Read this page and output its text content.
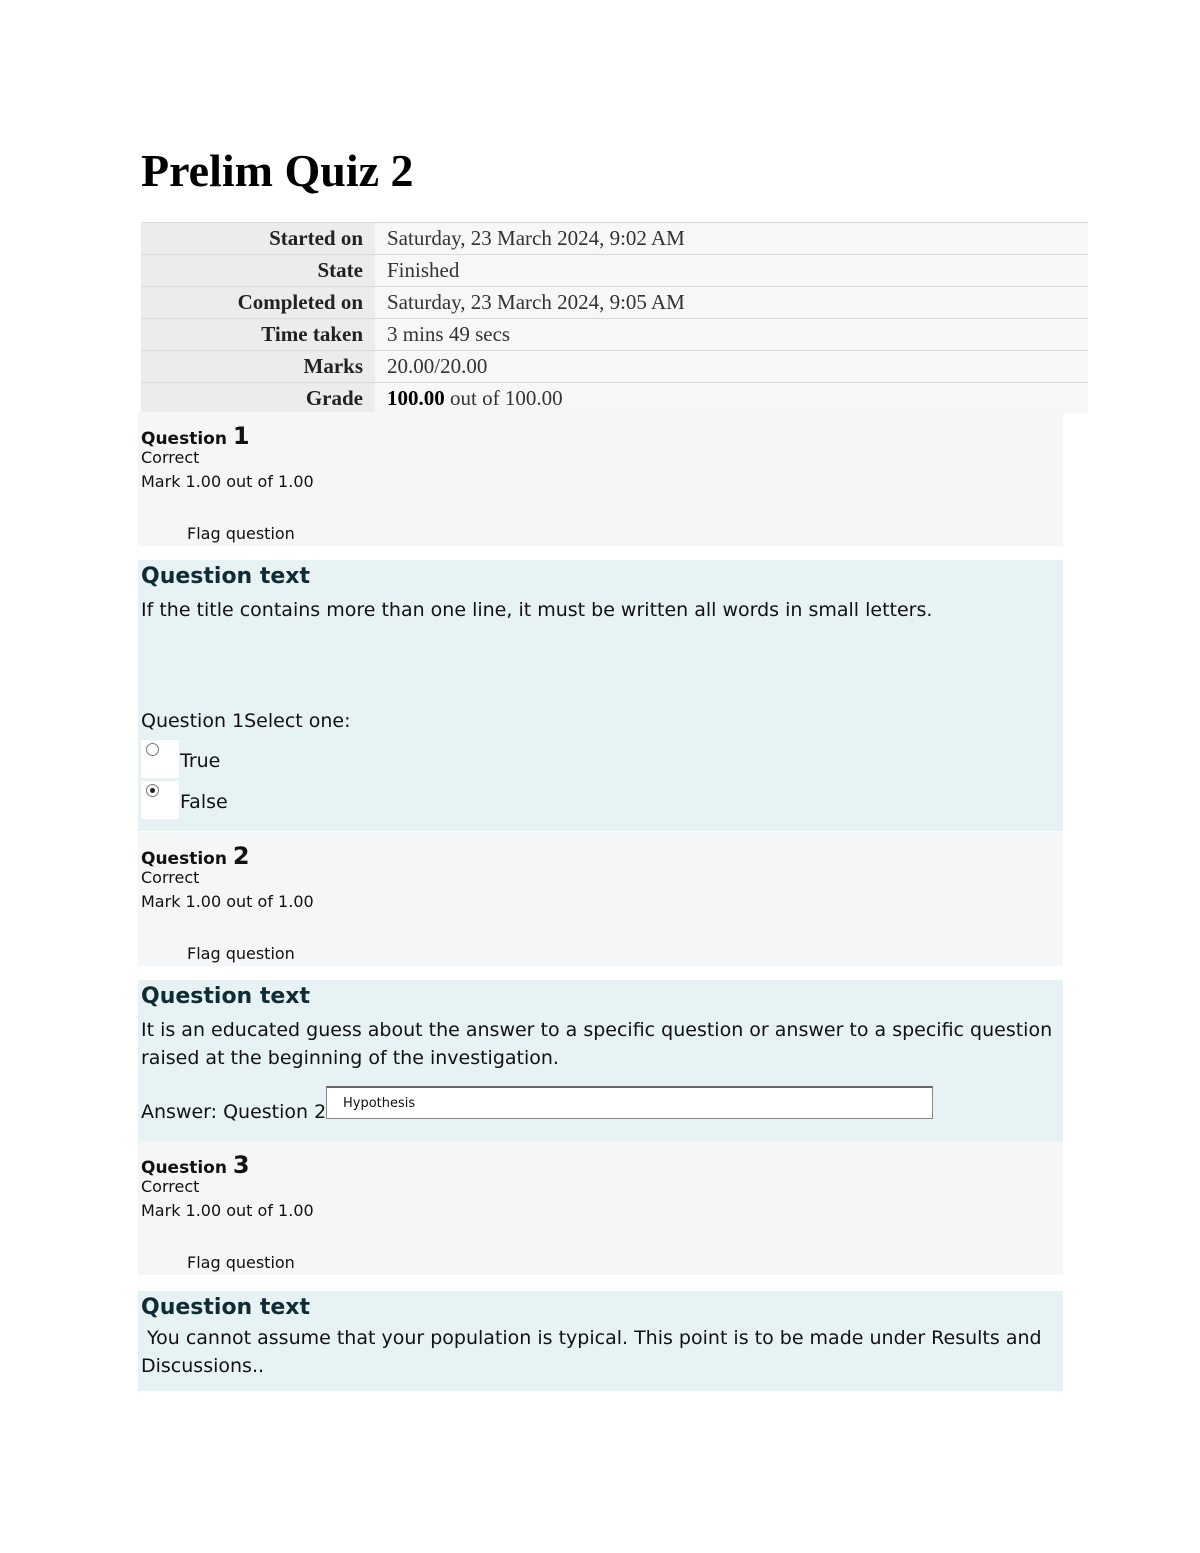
Prelim Quiz 2
Started on	Saturday, 23 March 2024, 9:02 AM
State	Finished
Completed on	Saturday, 23 March 2024, 9:05 AM
Time taken	3 mins 49 secs
Marks	20.00/20.00
Grade	100.00 out of 100.00
Question 1
Correct
Mark 1.00 out of 1.00
Flag question
Question text
If the title contains more than one line, it must be written all words in small letters.
Question 1Select one:
True
False
Question 2
Correct
Mark 1.00 out of 1.00
Flag question
Question text
It is an educated guess about the answer to a specific question or answer to a specific question raised at the beginning of the investigation.
Answer: Question 2
Hypothesis
Question 3
Correct
Mark 1.00 out of 1.00
Flag question
Question text
You cannot assume that your population is typical. This point is to be made under Results and Discussions..
